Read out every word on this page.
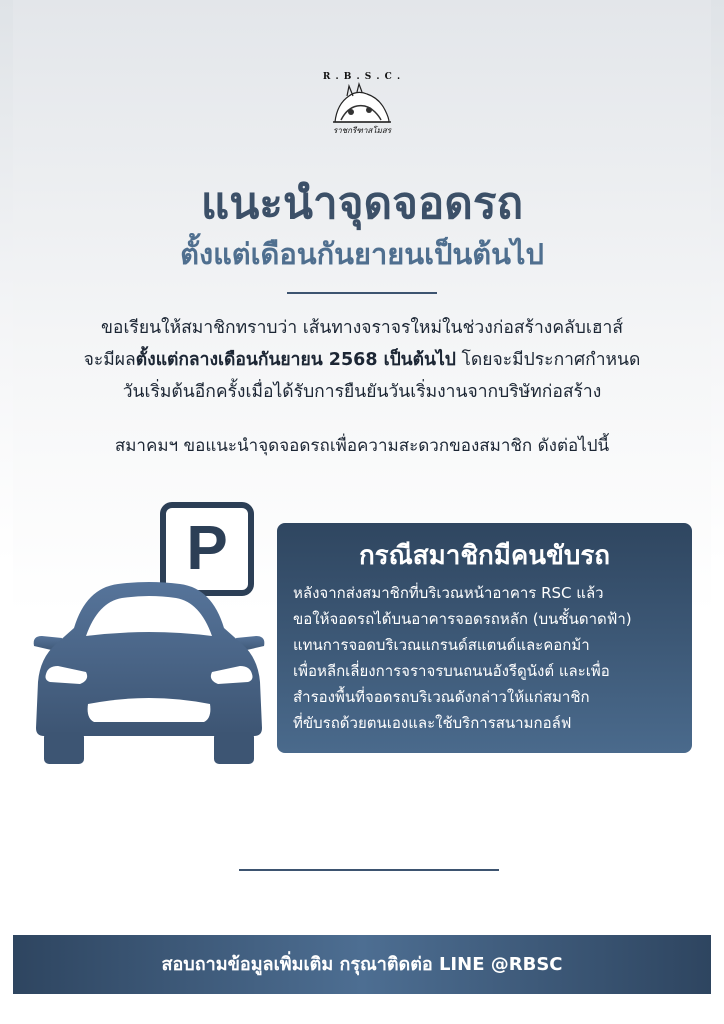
R . B . S . C .
ราชกรีฑาสโมสร
แนะนำจุดจอดรถ
ตั้งแต่เดือนกันยายนเป็นต้นไป
ขอเรียนให้สมาชิกทราบว่า เส้นทางจราจรใหม่ในช่วงก่อสร้างคลับเฮาส์
จะมีผลตั้งแต่กลางเดือนกันยายน 2568 เป็นต้นไป โดยจะมีประกาศกำหนด
วันเริ่มต้นอีกครั้งเมื่อได้รับการยืนยันวันเริ่มงานจากบริษัทก่อสร้าง
สมาคมฯ ขอแนะนำจุดจอดรถเพื่อความสะดวกของสมาชิก ดังต่อไปนี้
P	กรณีสมาชิกมีคนขับรถ
หลังจากส่งสมาชิกที่บริเวณหน้าอาคาร RSC แล้ว
ขอให้จอดรถได้บนอาคารจอดรถหลัก (บนชั้นดาดฟ้า)
แทนการจอดบริเวณแกรนด์สแตนด์และคอกม้า
เพื่อหลีกเลี่ยงการจราจรบนถนนอังรีดูนังต์ และเพื่อ
สำรองพื้นที่จอดรถบริเวณดังกล่าวให้แก่สมาชิก
ที่ขับรถด้วยตนเองและใช้บริการสนามกอล์ฟ
สอบถามข้อมูลเพิ่มเติม กรุณาติดต่อ LINE @RBSC
